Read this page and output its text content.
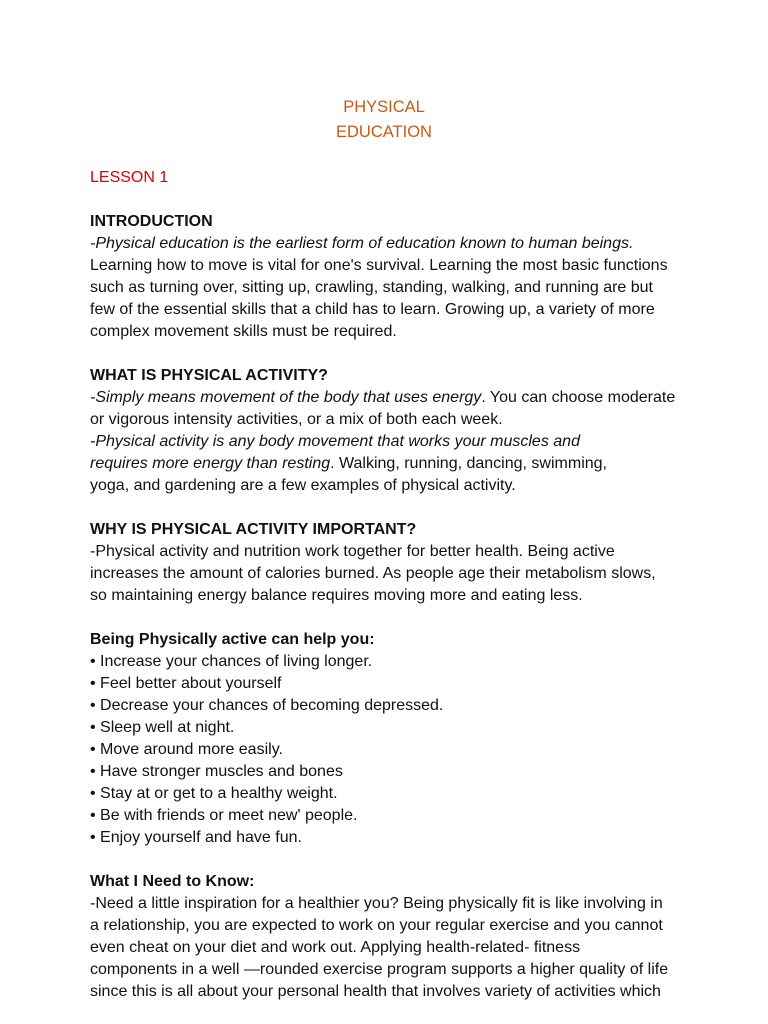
PHYSICAL
EDUCATION
LESSON 1
INTRODUCTION

-Physical education is the earliest form of education known to human beings.

Learning how to move is vital for one's survival. Learning the most basic functions

such as turning over, sitting up, crawling, standing, walking, and running are but

few of the essential skills that a child has to learn. Growing up, a variety of more

complex movement skills must be required.

WHAT IS PHYSICAL ACTIVITY?

-Simply means movement of the body that uses energy. You can choose moderate

or vigorous intensity activities, or a mix of both each week.

-Physical activity is any body movement that works your muscles and

requires more energy than resting. Walking, running, dancing, swimming,

yoga, and gardening are a few examples of physical activity.

WHY IS PHYSICAL ACTIVITY IMPORTANT?

-Physical activity and nutrition work together for better health. Being active

increases the amount of calories burned. As people age their metabolism slows,

so maintaining energy balance requires moving more and eating less.

Being Physically active can help you:
• Increase your chances of living longer.
• Feel better about yourself
• Decrease your chances of becoming depressed.
• Sleep well at night.
• Move around more easily.
• Have stronger muscles and bones
• Stay at or get to a healthy weight.
• Be with friends or meet new' people.
• Enjoy yourself and have fun.
What I Need to Know:

-Need a little inspiration for a healthier you? Being physically fit is like involving in

a relationship, you are expected to work on your regular exercise and you cannot

even cheat on your diet and work out. Applying health-related- fitness

components in a well —rounded exercise program supports a higher quality of life

since this is all about your personal health that involves variety of activities which
